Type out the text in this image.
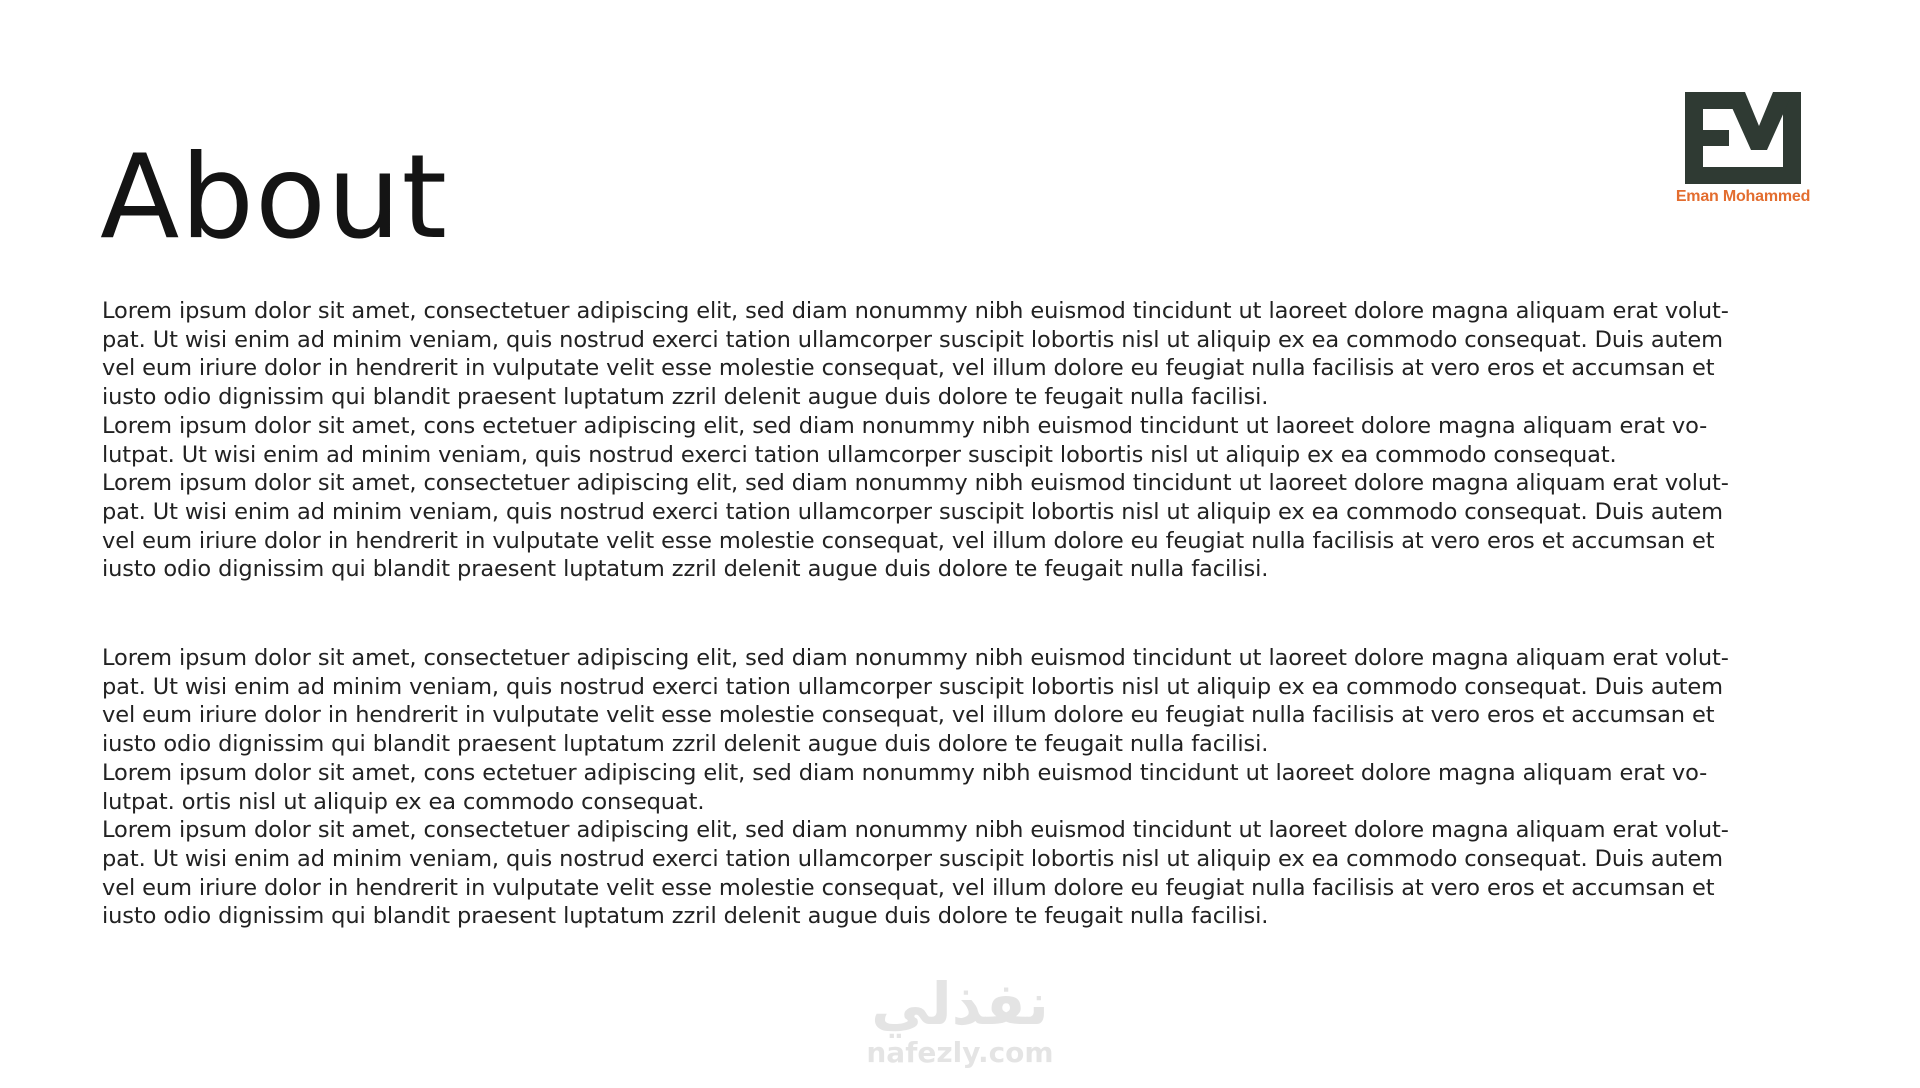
About	Eman Mohammed

Lorem ipsum dolor sit amet, consectetuer adipiscing elit, sed diam nonummy nibh euismod tincidunt ut laoreet dolore magna aliquam erat volut-
pat. Ut wisi enim ad minim veniam, quis nostrud exerci tation ullamcorper suscipit lobortis nisl ut aliquip ex ea commodo consequat. Duis autem
vel eum iriure dolor in hendrerit in vulputate velit esse molestie consequat, vel illum dolore eu feugiat nulla facilisis at vero eros et accumsan et
iusto odio dignissim qui blandit praesent luptatum zzril delenit augue duis dolore te feugait nulla facilisi.

Lorem ipsum dolor sit amet, cons ectetuer adipiscing elit, sed diam nonummy nibh euismod tincidunt ut laoreet dolore magna aliquam erat vo-
lutpat. Ut wisi enim ad minim veniam, quis nostrud exerci tation ullamcorper suscipit lobortis nisl ut aliquip ex ea commodo consequat.

Lorem ipsum dolor sit amet, consectetuer adipiscing elit, sed diam nonummy nibh euismod tincidunt ut laoreet dolore magna aliquam erat volut-
pat. Ut wisi enim ad minim veniam, quis nostrud exerci tation ullamcorper suscipit lobortis nisl ut aliquip ex ea commodo consequat. Duis autem
vel eum iriure dolor in hendrerit in vulputate velit esse molestie consequat, vel illum dolore eu feugiat nulla facilisis at vero eros et accumsan et
iusto odio dignissim qui blandit praesent luptatum zzril delenit augue duis dolore te feugait nulla facilisi.

Lorem ipsum dolor sit amet, consectetuer adipiscing elit, sed diam nonummy nibh euismod tincidunt ut laoreet dolore magna aliquam erat volut-
pat. Ut wisi enim ad minim veniam, quis nostrud exerci tation ullamcorper suscipit lobortis nisl ut aliquip ex ea commodo consequat. Duis autem
vel eum iriure dolor in hendrerit in vulputate velit esse molestie consequat, vel illum dolore eu feugiat nulla facilisis at vero eros et accumsan et
iusto odio dignissim qui blandit praesent luptatum zzril delenit augue duis dolore te feugait nulla facilisi.

Lorem ipsum dolor sit amet, cons ectetuer adipiscing elit, sed diam nonummy nibh euismod tincidunt ut laoreet dolore magna aliquam erat vo-
lutpat. ortis nisl ut aliquip ex ea commodo consequat.

Lorem ipsum dolor sit amet, consectetuer adipiscing elit, sed diam nonummy nibh euismod tincidunt ut laoreet dolore magna aliquam erat volut-
pat. Ut wisi enim ad minim veniam, quis nostrud exerci tation ullamcorper suscipit lobortis nisl ut aliquip ex ea commodo consequat. Duis autem
vel eum iriure dolor in hendrerit in vulputate velit esse molestie consequat, vel illum dolore eu feugiat nulla facilisis at vero eros et accumsan et
iusto odio dignissim qui blandit praesent luptatum zzril delenit augue duis dolore te feugait nulla facilisi.

نفذلي
nafezly.com
